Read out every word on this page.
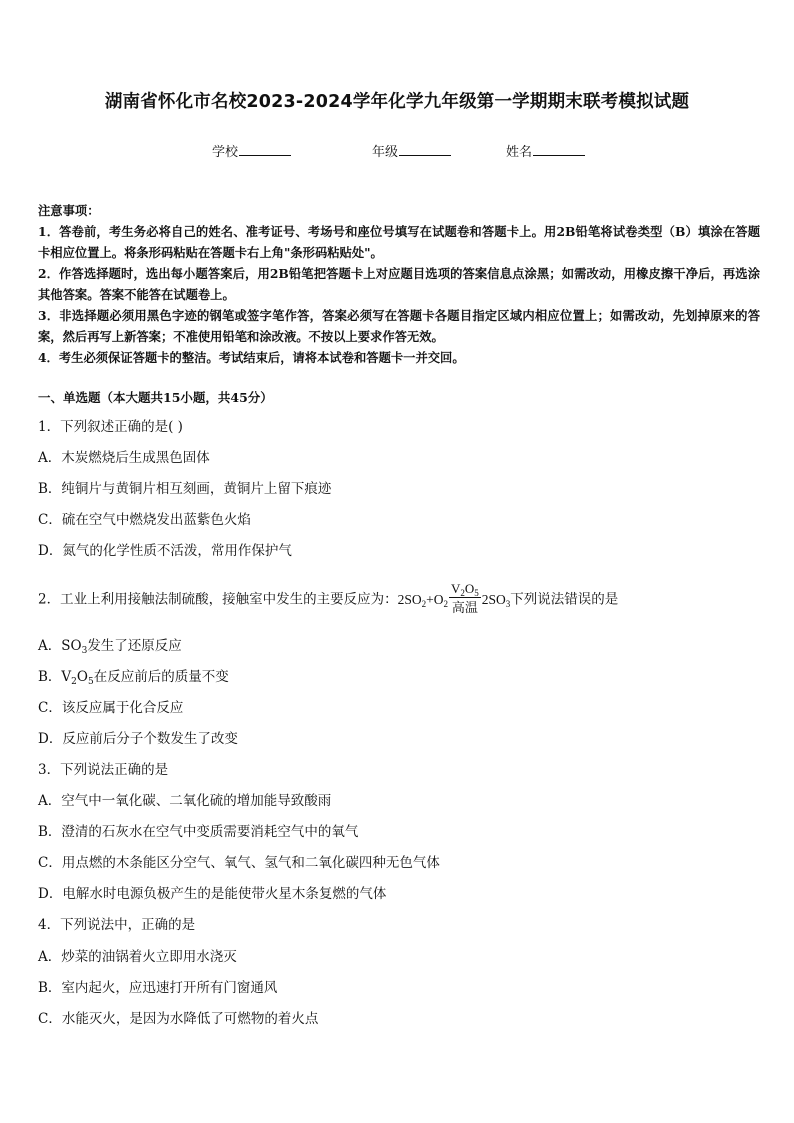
湖南省怀化市名校2023-2024学年化学九年级第一学期期末联考模拟试题
学校	年级	姓名

注意事项：

1．答卷前，考生务必将自己的姓名、准考证号、考场号和座位号填写在试题卷和答题卡上。用2B铅笔将试卷类型（B）填涂在答题卡相应位置上。将条形码粘贴在答题卡右上角"条形码粘贴处"。

2．作答选择题时，选出每小题答案后，用2B铅笔把答题卡上对应题目选项的答案信息点涂黑；如需改动，用橡皮擦干净后，再选涂其他答案。答案不能答在试题卷上。

3．非选择题必须用黑色字迹的钢笔或签字笔作答，答案必须写在答题卡各题目指定区域内相应位置上；如需改动，先划掉原来的答案，然后再写上新答案；不准使用铅笔和涂改液。不按以上要求作答无效。

4．考生必须保证答题卡的整洁。考试结束后，请将本试卷和答题卡一并交回。

一、单选题（本大题共15小题，共45分）
1．下列叙述正确的是( )
A．木炭燃烧后生成黑色固体
B．纯铜片与黄铜片相互刻画，黄铜片上留下痕迹
C．硫在空气中燃烧发出蓝紫色火焰
D．氮气的化学性质不活泼，常用作保护气
2．工业上利用接触法制硫酸，接触室中发生的主要反应为：$2SO_2+O_2 \frac{V_2O_5}{\text{高温}} 2SO_3$下列说法错误的是
A．$SO_3$发生了还原反应
B．$V_2O_5$在反应前后的质量不变
C．该反应属于化合反应
D．反应前后分子个数发生了改变
3．下列说法正确的是
A．空气中一氧化碳、二氧化硫的增加能导致酸雨
B．澄清的石灰水在空气中变质需要消耗空气中的氧气
C．用点燃的木条能区分空气、氧气、氢气和二氧化碳四种无色气体
D．电解水时电源负极产生的是能使带火星木条复燃的气体
4．下列说法中，正确的是
A．炒菜的油锅着火立即用水浇灭
B．室内起火，应迅速打开所有门窗通风
C．水能灭火，是因为水降低了可燃物的着火点
